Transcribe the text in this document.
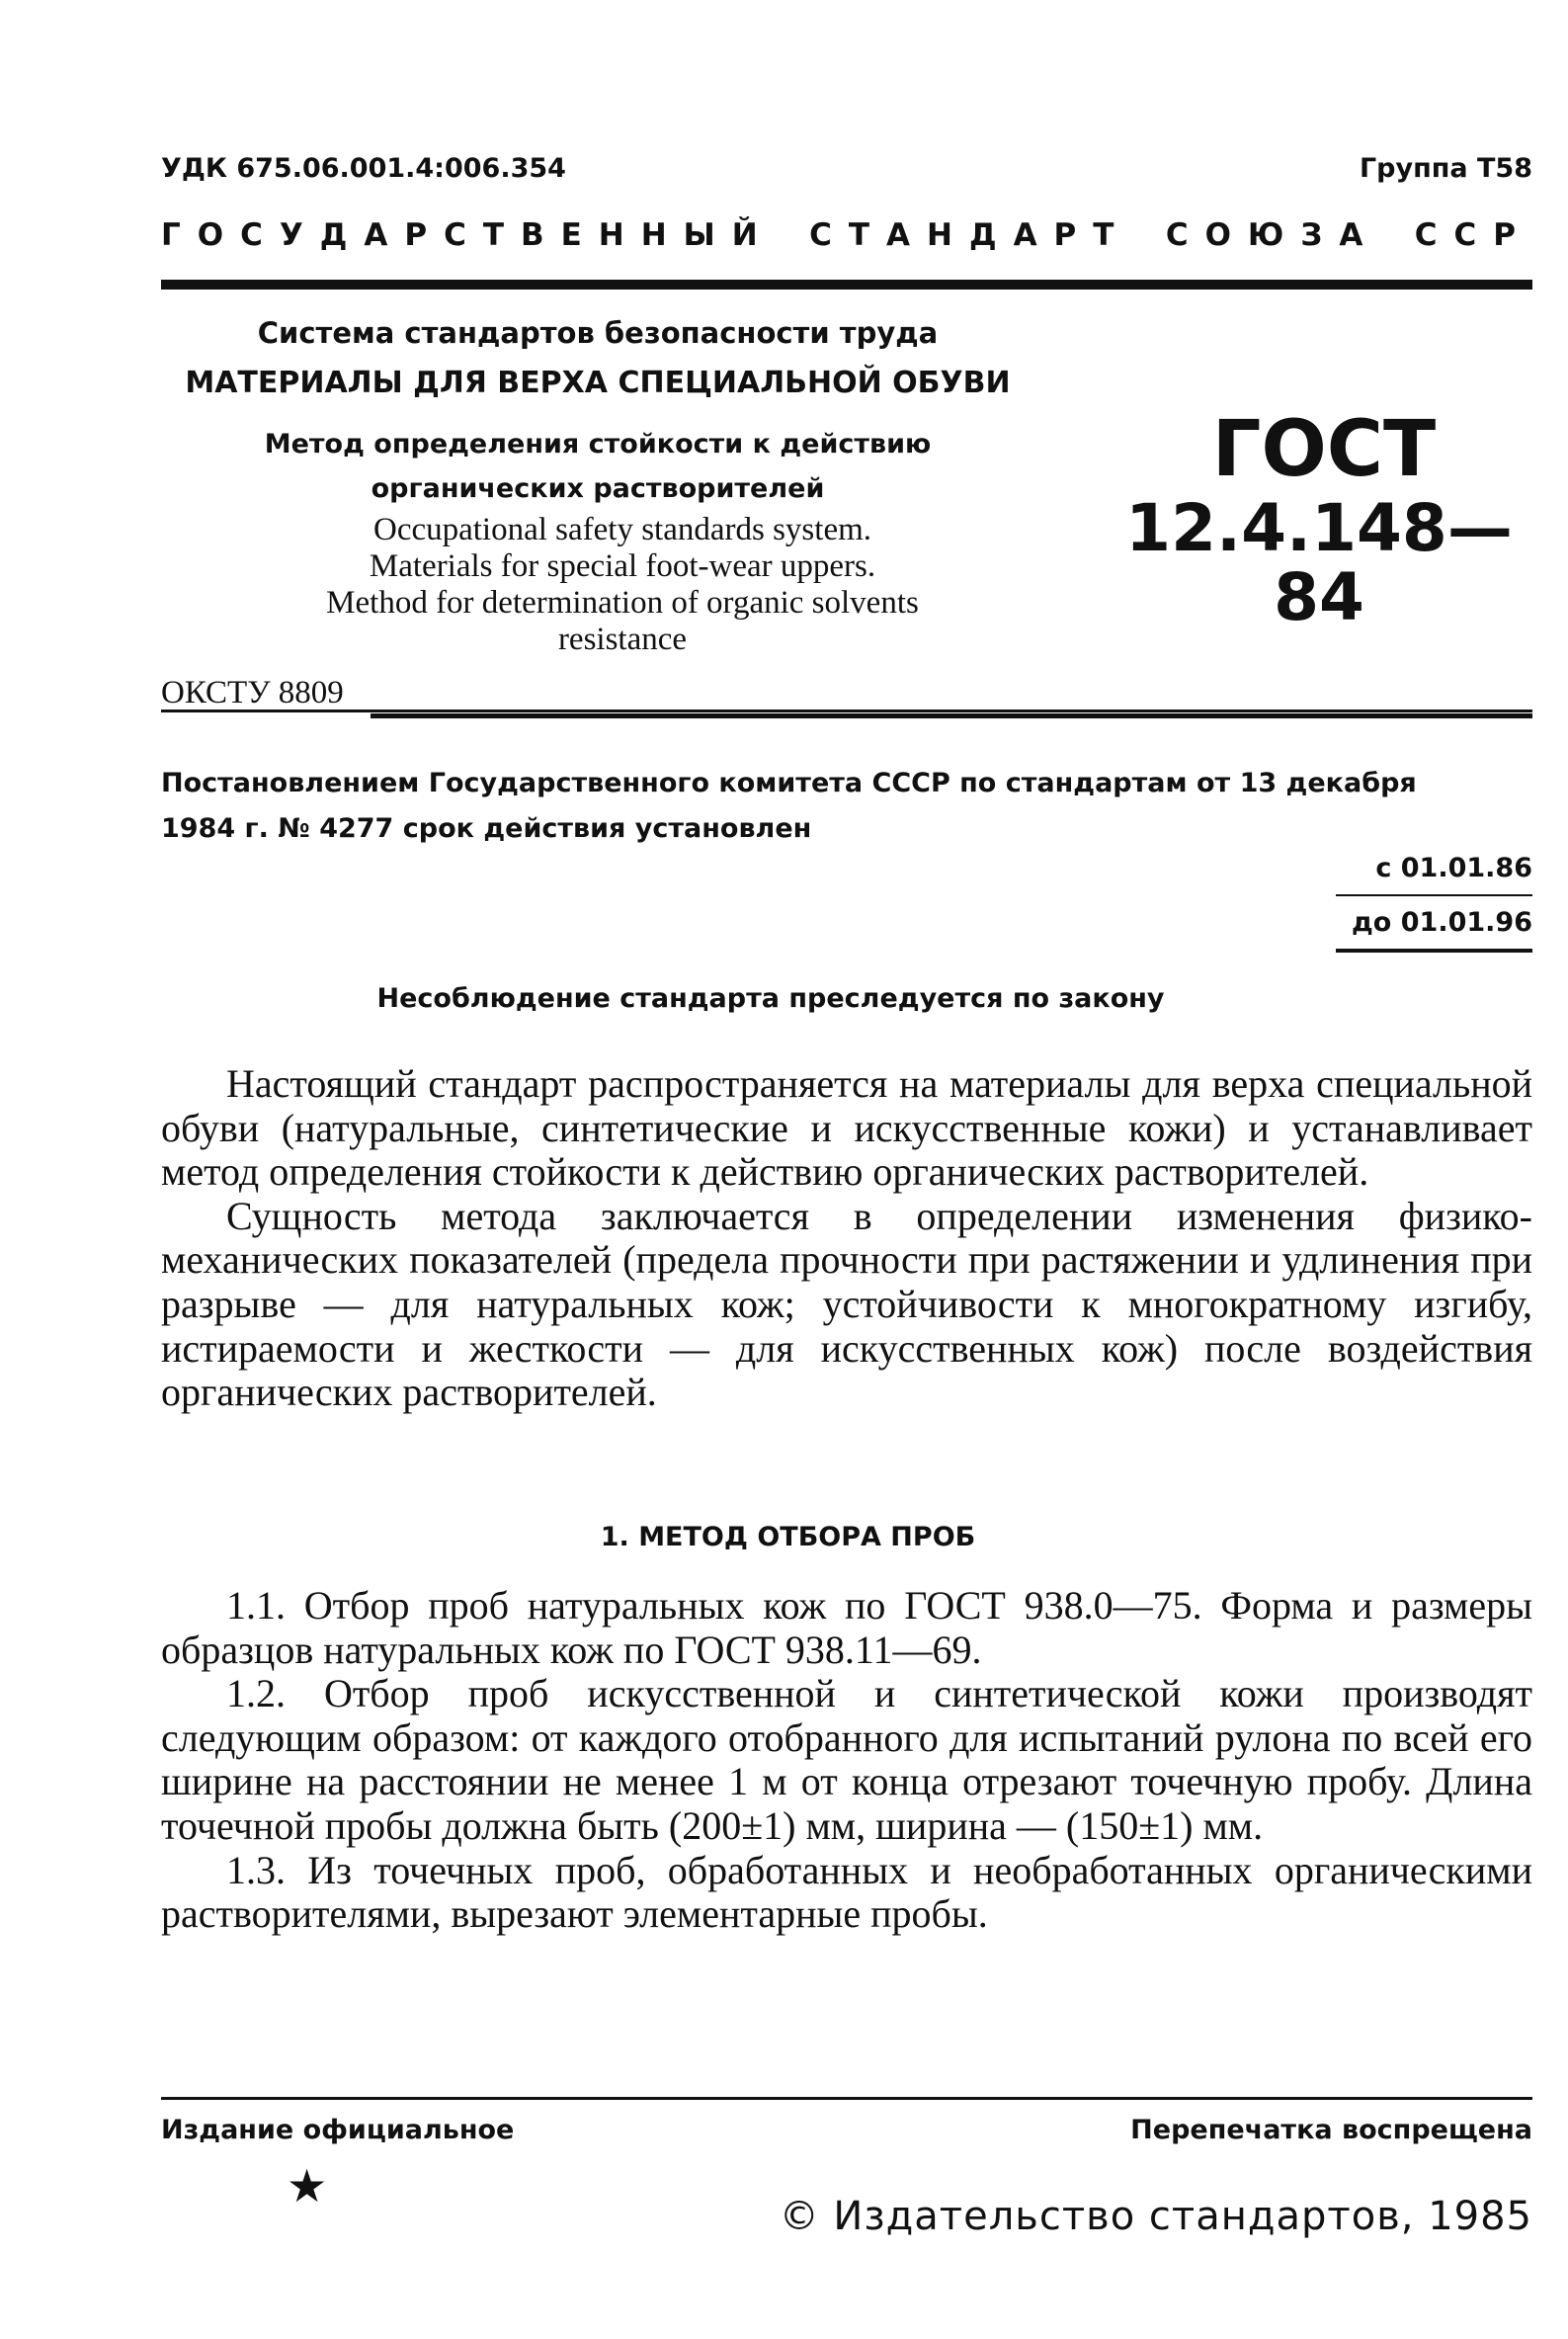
УДК 675.06.001.4:006.354	Группа Т58
ГОСУДАРСТВЕННЫЙ СТАНДАРТ СОЮЗА ССР
Система стандартов безопасности труда
МАТЕРИАЛЫ ДЛЯ ВЕРХА СПЕЦИАЛЬНОЙ ОБУВИ
Метод определения стойкости к действию
органических растворителей
Occupational safety standards system.
Materials for special foot-wear uppers.
Method for determination of organic solvents
resistance
ГОСТ
12.4.148—84
ОКСТУ 8809
Постановлением Государственного комитета СССР по стандартам от 13 декабря
1984 г. № 4277 срок действия установлен
с 01.01.86
до 01.01.96
Несоблюдение стандарта преследуется по закону

Настоящий стандарт распространяется на материалы для верха специальной обуви (натуральные, синтетические и искусственные кожи) и устанавливает метод определения стойкости к действию органических растворителей.

Сущность метода заключается в определении изменения физико-механических показателей (предела прочности при растяжении и удлинения при разрыве — для натуральных кож; устойчивости к многократному изгибу, истираемости и жесткости — для искусственных кож) после воздействия органических растворителей.

1. МЕТОД ОТБОРА ПРОБ

1.1. Отбор проб натуральных кож по ГОСТ 938.0—75. Форма и размеры образцов натуральных кож по ГОСТ 938.11—69.

1.2. Отбор проб искусственной и синтетической кожи производят следующим образом: от каждого отобранного для испытаний рулона по всей его ширине на расстоянии не менее 1 м от конца отрезают точечную пробу. Длина точечной пробы должна быть (200±1) мм, ширина — (150±1) мм.

1.3. Из точечных проб, обработанных и необработанных органическими растворителями, вырезают элементарные пробы.

Издание официальное	Перепечатка воспрещена
★
© Издательство стандартов, 1985
